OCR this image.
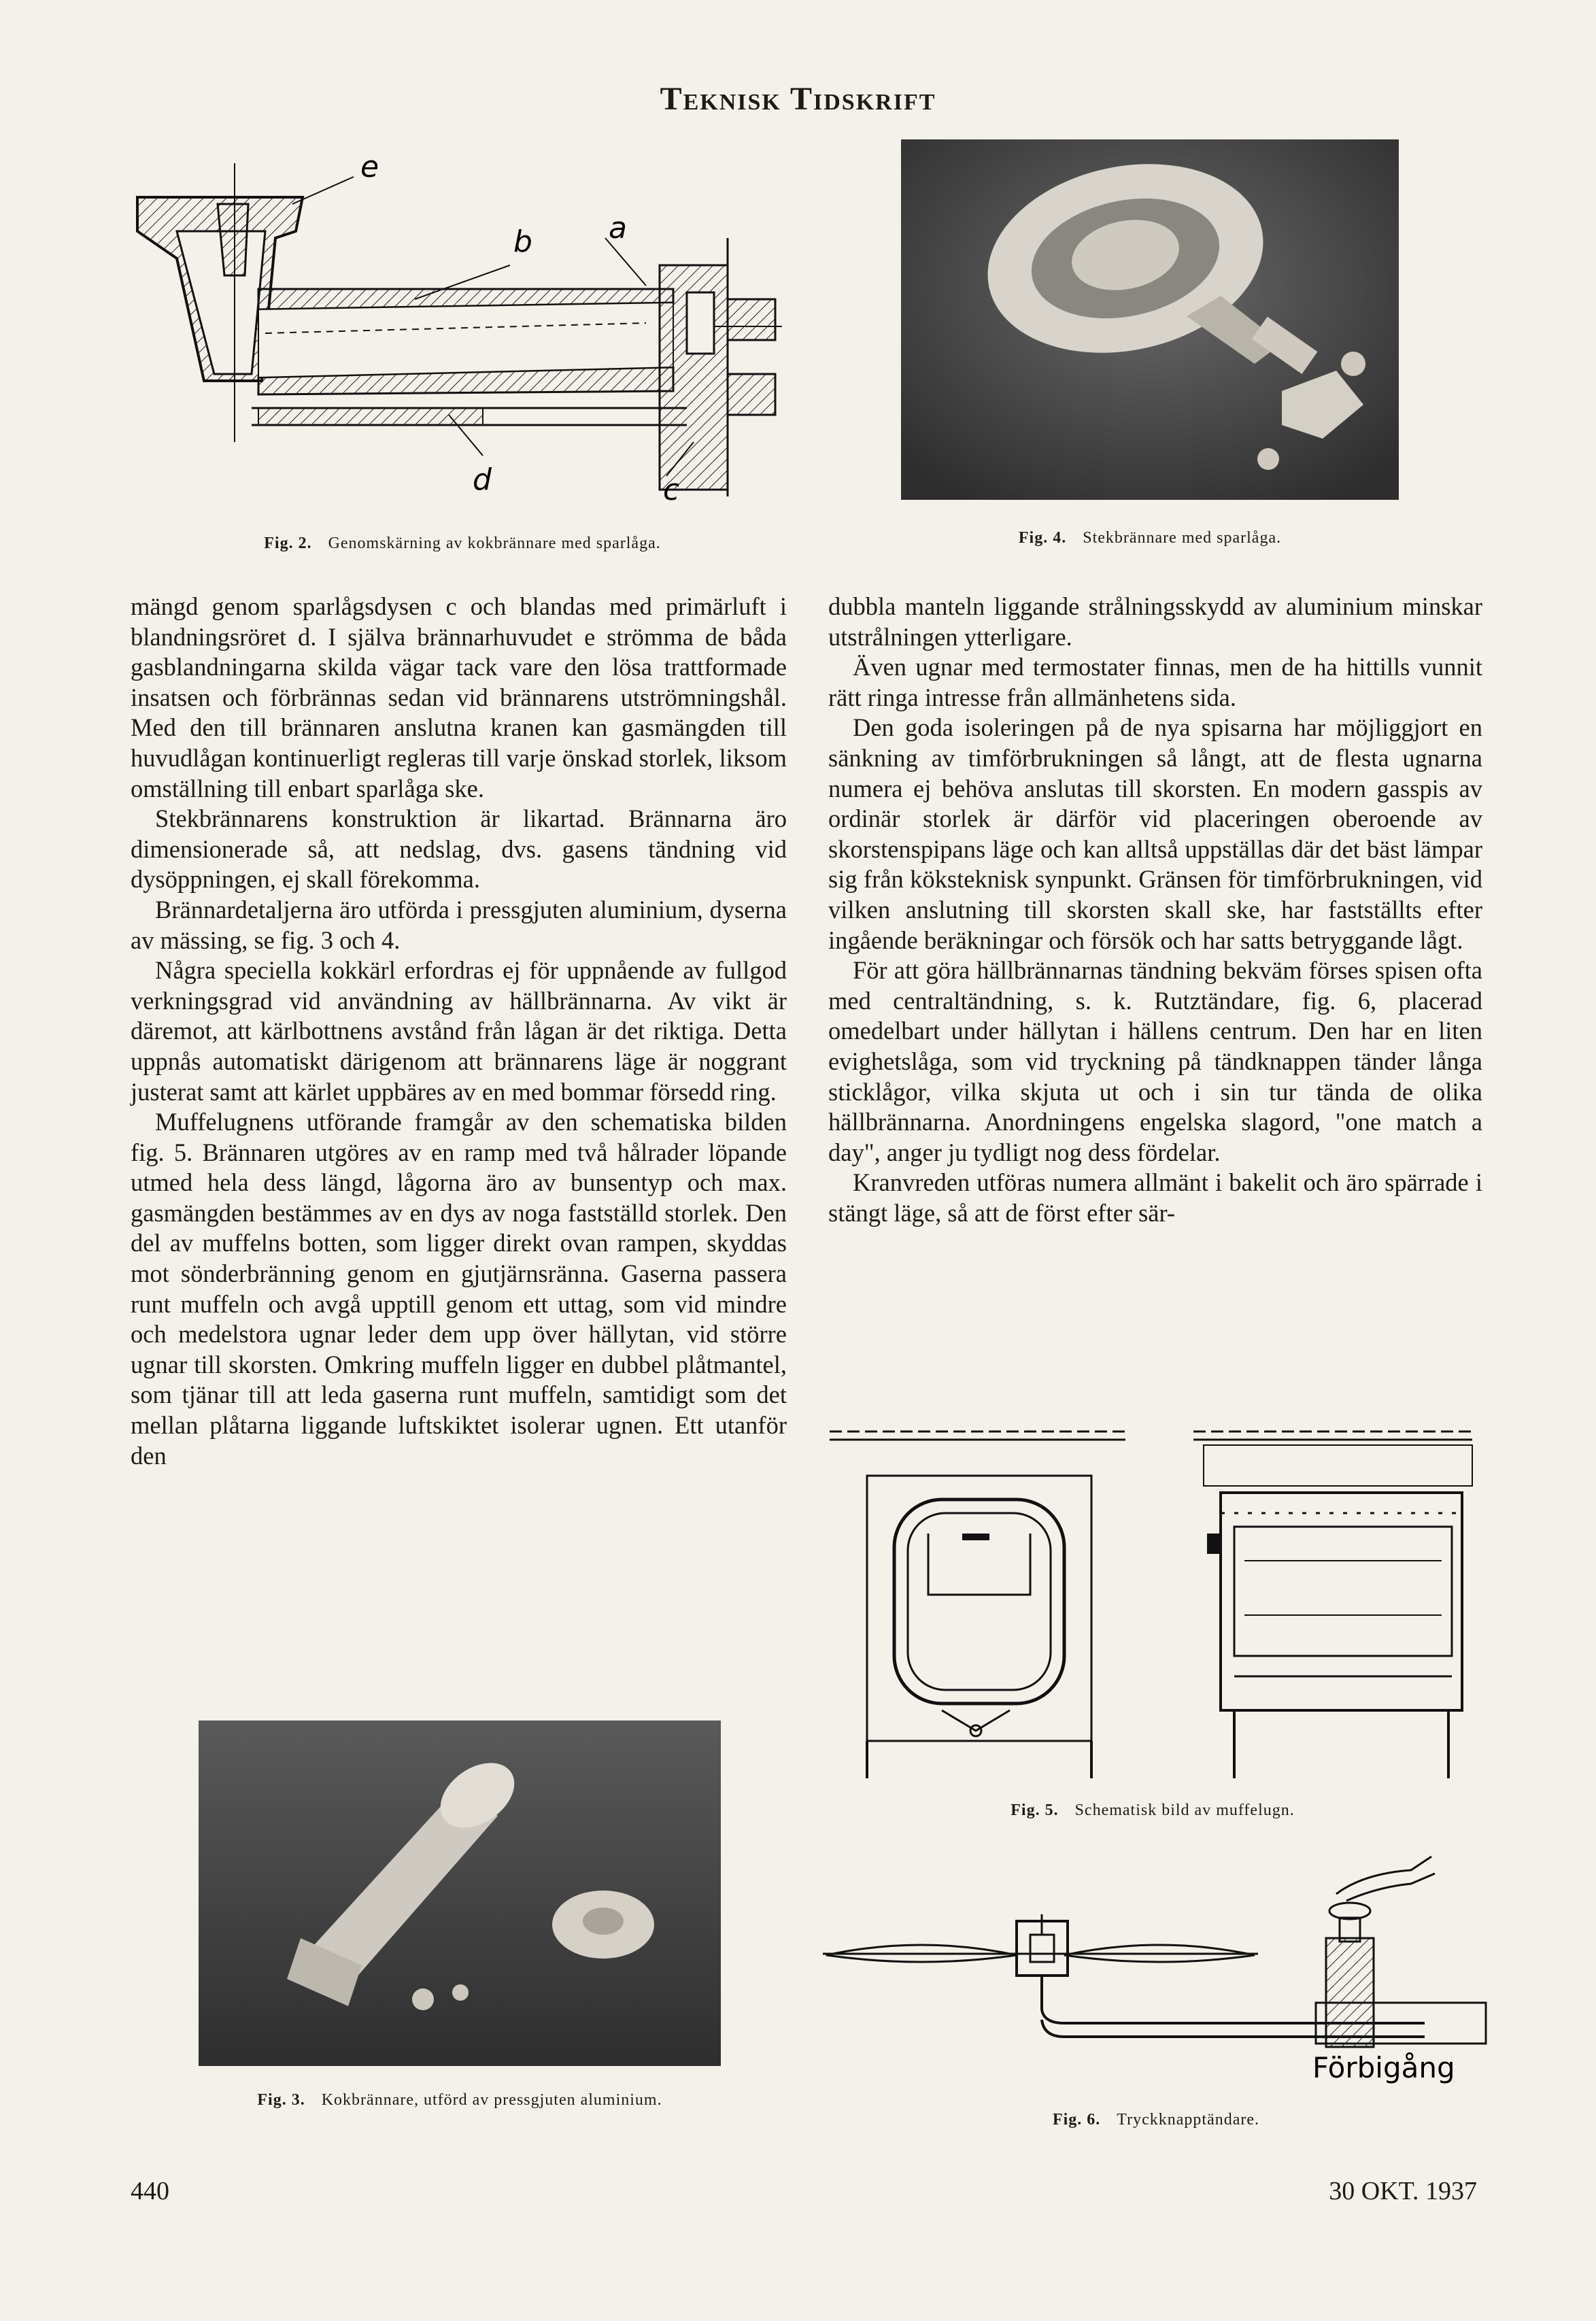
Teknisk Tidskrift
e
b	a
d	c
Fig. 2. Genomskärning av kokbrännare med sparlåga.	Fig. 4. Stekbrännare med sparlåga.

mängd genom sparlågsdysen c och blandas med primärluft i blandningsröret d. I själva brännarhuvudet e strömma de båda gasblandningarna skilda vägar tack vare den lösa trattformade insatsen och förbrännas sedan vid brännarens utströmningshål. Med den till brännaren anslutna kranen kan gasmängden till huvudlågan kontinuerligt regleras till varje önskad storlek, liksom omställning till enbart sparlåga ske.

Stekbrännarens konstruktion är likartad. Brännarna äro dimensionerade så, att nedslag, dvs. gasens tändning vid dysöppningen, ej skall förekomma.

Brännardetaljerna äro utförda i pressgjuten aluminium, dyserna av mässing, se fig. 3 och 4.

Några speciella kokkärl erfordras ej för uppnående av fullgod verkningsgrad vid användning av hällbrännarna. Av vikt är däremot, att kärlbottnens avstånd från lågan är det riktiga. Detta uppnås automatiskt därigenom att brännarens läge är noggrant justerat samt att kärlet uppbäres av en med bommar försedd ring.

Muffelugnens utförande framgår av den schematiska bilden fig. 5. Brännaren utgöres av en ramp med två hålrader löpande utmed hela dess längd, lågorna äro av bunsentyp och max. gasmängden bestämmes av en dys av noga fastställd storlek. Den del av muffelns botten, som ligger direkt ovan rampen, skyddas mot sönderbränning genom en gjutjärnsränna. Gaserna passera runt muffeln och avgå upptill genom ett uttag, som vid mindre och medelstora ugnar leder dem upp över hällytan, vid större ugnar till skorsten. Omkring muffeln ligger en dubbel plåtmantel, som tjänar till att leda gaserna runt muffeln, samtidigt som det mellan plåtarna liggande luftskiktet isolerar ugnen. Ett utanför den

dubbla manteln liggande strålningsskydd av aluminium minskar utstrålningen ytterligare.

Även ugnar med termostater finnas, men de ha hittills vunnit rätt ringa intresse från allmänhetens sida.

Den goda isoleringen på de nya spisarna har möjliggjort en sänkning av timförbrukningen så långt, att de flesta ugnarna numera ej behöva anslutas till skorsten. En modern gasspis av ordinär storlek är därför vid placeringen oberoende av skorstenspipans läge och kan alltså uppställas där det bäst lämpar sig från köksteknisk synpunkt. Gränsen för timförbrukningen, vid vilken anslutning till skorsten skall ske, har fastställts efter ingående beräkningar och försök och har satts betryggande lågt.

För att göra hällbrännarnas tändning bekväm förses spisen ofta med centraltändning, s. k. Rutztändare, fig. 6, placerad omedelbart under hällytan i hällens centrum. Den har en liten evighetslåga, som vid tryckning på tändknappen tänder långa sticklågor, vilka skjuta ut och i sin tur tända de olika hällbrännarna. Anordningens engelska slagord, "one match a day", anger ju tydligt nog dess fördelar.

Kranvreden utföras numera allmänt i bakelit och äro spärrade i stängt läge, så att de först efter sär-

Fig. 5. Schematisk bild av muffelugn.
Fig. 3. Kokbrännare, utförd av pressgjuten aluminium.
Förbigång
Fig. 6. Tryckknapptändare.
440	30 OKT. 1937
